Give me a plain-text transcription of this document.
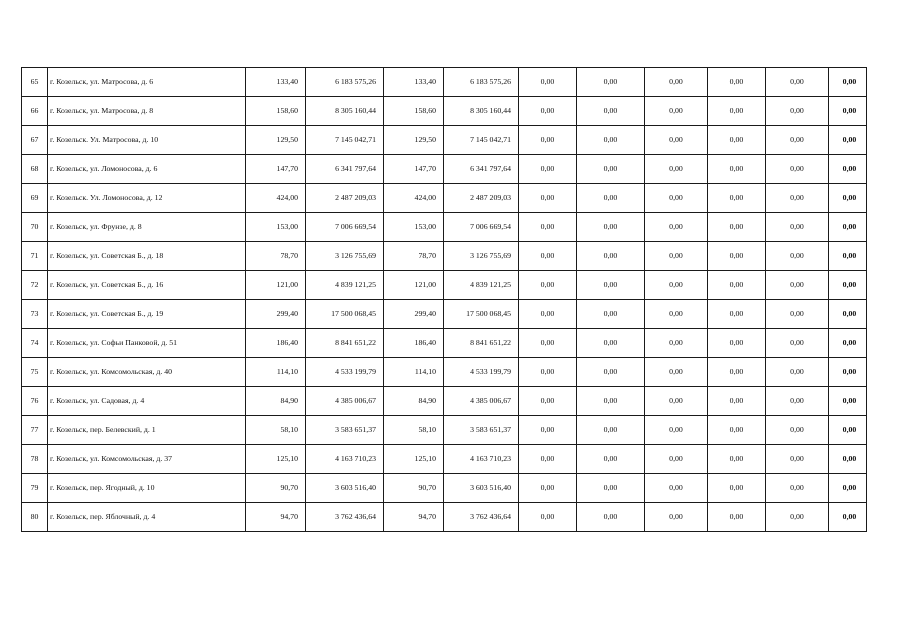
65	г. Козельск, ул. Матросова, д. 6	133,40	6 183 575,26	133,40	6 183 575,26	0,00	0,00	0,00	0,00	0,00	0,00
66	г. Козельск, ул. Матросова, д. 8	158,60	8 305 160,44	158,60	8 305 160,44	0,00	0,00	0,00	0,00	0,00	0,00
67	г. Козельск. Ул. Матросова, д. 10	129,50	7 145 042,71	129,50	7 145 042,71	0,00	0,00	0,00	0,00	0,00	0,00
68	г. Козельск, ул. Ломоносова, д. 6	147,70	6 341 797,64	147,70	6 341 797,64	0,00	0,00	0,00	0,00	0,00	0,00
69	г. Козельск. Ул. Ломоносова, д. 12	424,00	2 487 209,03	424,00	2 487 209,03	0,00	0,00	0,00	0,00	0,00	0,00
70	г. Козельск, ул. Фрунзе, д. 8	153,00	7 006 669,54	153,00	7 006 669,54	0,00	0,00	0,00	0,00	0,00	0,00
71	г. Козельск, ул. Советская Б., д. 18	78,70	3 126 755,69	78,70	3 126 755,69	0,00	0,00	0,00	0,00	0,00	0,00
72	г. Козельск, ул. Советская Б., д. 16	121,00	4 839 121,25	121,00	4 839 121,25	0,00	0,00	0,00	0,00	0,00	0,00
73	г. Козельск, ул. Советская Б., д. 19	299,40	17 500 068,45	299,40	17 500 068,45	0,00	0,00	0,00	0,00	0,00	0,00
74	г. Козельск, ул. Софьи Панковой, д. 51	186,40	8 841 651,22	186,40	8 841 651,22	0,00	0,00	0,00	0,00	0,00	0,00
75	г. Козельск, ул. Комсомольская, д. 40	114,10	4 533 199,79	114,10	4 533 199,79	0,00	0,00	0,00	0,00	0,00	0,00
76	г. Козельск, ул. Садовая, д. 4	84,90	4 385 006,67	84,90	4 385 006,67	0,00	0,00	0,00	0,00	0,00	0,00
77	г. Козельск, пер. Белевский, д. 1	58,10	3 583 651,37	58,10	3 583 651,37	0,00	0,00	0,00	0,00	0,00	0,00
78	г. Козельск, ул. Комсомольская, д. 37	125,10	4 163 710,23	125,10	4 163 710,23	0,00	0,00	0,00	0,00	0,00	0,00
79	г. Козельск, пер. Ягодный, д. 10	90,70	3 603 516,40	90,70	3 603 516,40	0,00	0,00	0,00	0,00	0,00	0,00
80	г. Козельск, пер. Яблочный, д. 4	94,70	3 762 436,64	94,70	3 762 436,64	0,00	0,00	0,00	0,00	0,00	0,00
